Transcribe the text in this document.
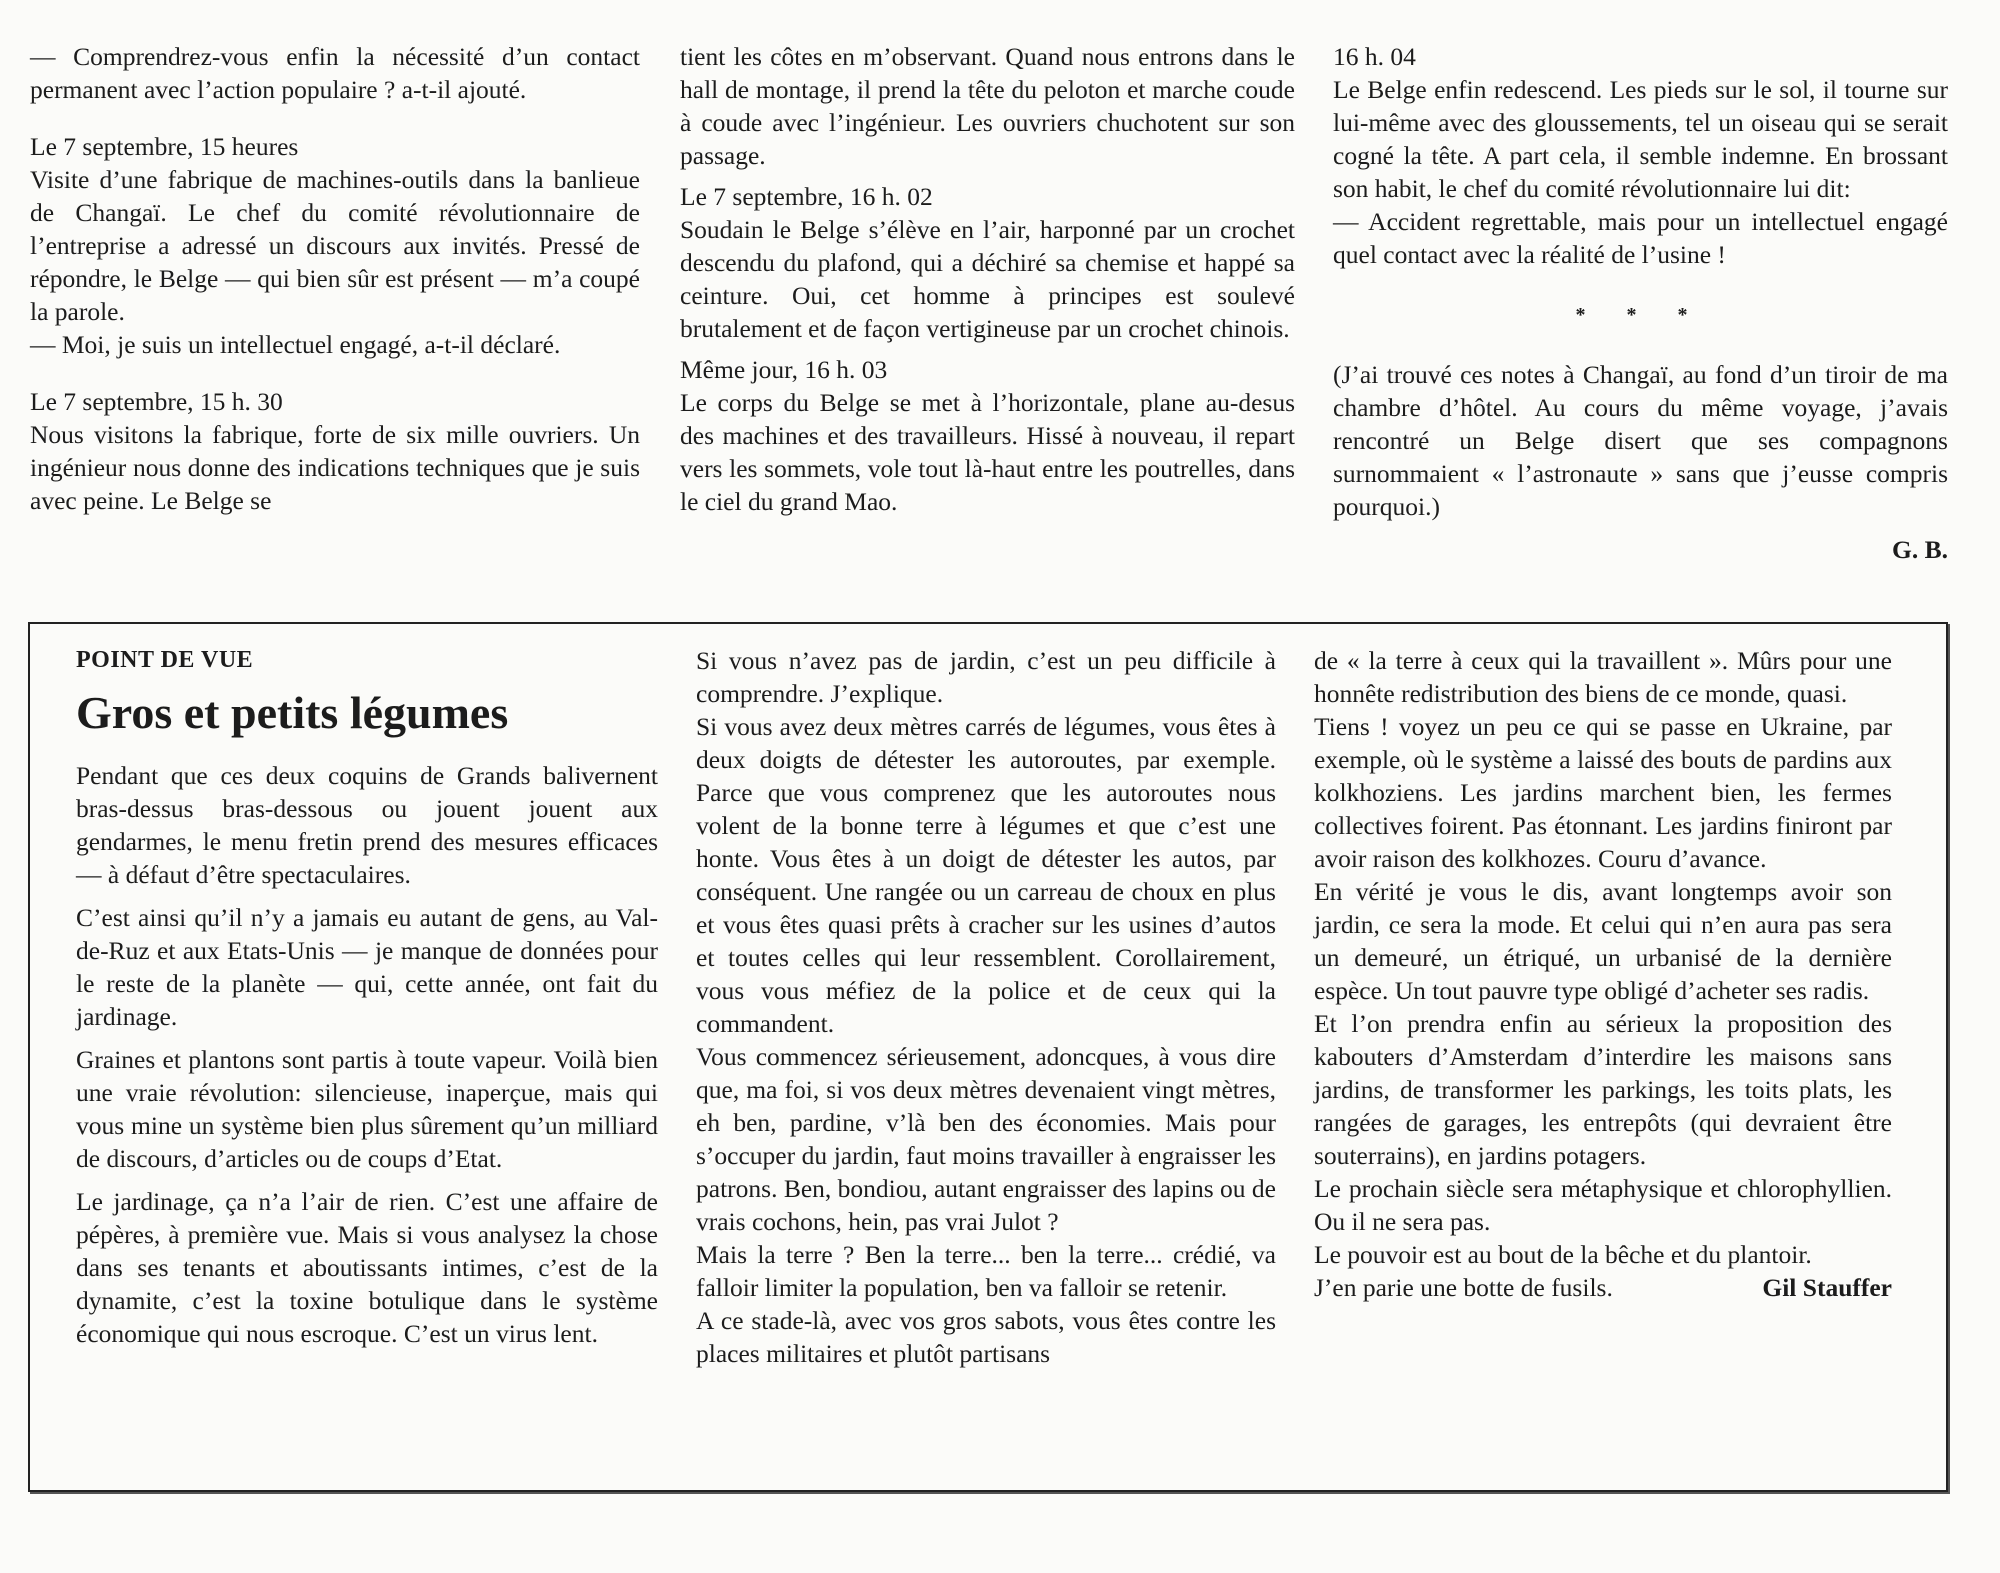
— Comprendrez-vous enfin la nécessité d’un contact permanent avec l’action populaire ? a-t-il ajouté.

Le 7 septembre, 15 heures

Visite d’une fabrique de machines-outils dans la banlieue de Changaï. Le chef du comité révolutionnaire de l’entreprise a adressé un discours aux invités. Pressé de répondre, le Belge — qui bien sûr est présent — m’a coupé la parole.

— Moi, je suis un intellectuel engagé, a-t-il déclaré.

Le 7 septembre, 15 h. 30

Nous visitons la fabrique, forte de six mille ouvriers. Un ingénieur nous donne des indications techniques que je suis avec peine. Le Belge se

tient les côtes en m’observant. Quand nous entrons dans le hall de montage, il prend la tête du peloton et marche coude à coude avec l’ingénieur. Les ouvriers chuchotent sur son passage.

Le 7 septembre, 16 h. 02

Soudain le Belge s’élève en l’air, harponné par un crochet descendu du plafond, qui a déchiré sa chemise et happé sa ceinture. Oui, cet homme à principes est soulevé brutalement et de façon vertigineuse par un crochet chinois.

Même jour, 16 h. 03

Le corps du Belge se met à l’horizontale, plane au-desus des machines et des travailleurs. Hissé à nouveau, il repart vers les sommets, vole tout là-haut entre les poutrelles, dans le ciel du grand Mao.

16 h. 04

Le Belge enfin redescend. Les pieds sur le sol, il tourne sur lui-même avec des gloussements, tel un oiseau qui se serait cogné la tête. A part cela, il semble indemne. En brossant son habit, le chef du comité révolutionnaire lui dit:

— Accident regrettable, mais pour un intellectuel engagé quel contact avec la réalité de l’usine !

* * *

(J’ai trouvé ces notes à Changaï, au fond d’un tiroir de ma chambre d’hôtel. Au cours du même voyage, j’avais rencontré un Belge disert que ses compagnons surnommaient « l’astronaute » sans que j’eusse compris pourquoi.)

G. B.

POINT DE VUE

Gros et petits légumes

Pendant que ces deux coquins de Grands balivernent bras-dessus bras-dessous ou jouent jouent aux gendarmes, le menu fretin prend des mesures efficaces — à défaut d’être spectaculaires.

C’est ainsi qu’il n’y a jamais eu autant de gens, au Val-de-Ruz et aux Etats-Unis — je manque de données pour le reste de la planète — qui, cette année, ont fait du jardinage.

Graines et plantons sont partis à toute vapeur. Voilà bien une vraie révolution: silencieuse, inaperçue, mais qui vous mine un système bien plus sûrement qu’un milliard de discours, d’articles ou de coups d’Etat.

Le jardinage, ça n’a l’air de rien. C’est une affaire de pépères, à première vue. Mais si vous analysez la chose dans ses tenants et aboutissants intimes, c’est de la dynamite, c’est la toxine botulique dans le système économique qui nous escroque. C’est un virus lent.

Si vous n’avez pas de jardin, c’est un peu difficile à comprendre. J’explique.

Si vous avez deux mètres carrés de légumes, vous êtes à deux doigts de détester les autoroutes, par exemple. Parce que vous comprenez que les autoroutes nous volent de la bonne terre à légumes et que c’est une honte. Vous êtes à un doigt de détester les autos, par conséquent. Une rangée ou un carreau de choux en plus et vous êtes quasi prêts à cracher sur les usines d’autos et toutes celles qui leur ressemblent. Corollairement, vous vous méfiez de la police et de ceux qui la commandent.

Vous commencez sérieusement, adoncques, à vous dire que, ma foi, si vos deux mètres devenaient vingt mètres, eh ben, pardine, v’là ben des économies. Mais pour s’occuper du jardin, faut moins travailler à engraisser les patrons. Ben, bondiou, autant engraisser des lapins ou de vrais cochons, hein, pas vrai Julot ?

Mais la terre ? Ben la terre... ben la terre... crédié, va falloir limiter la population, ben va falloir se retenir.

A ce stade-là, avec vos gros sabots, vous êtes contre les places militaires et plutôt partisans

de « la terre à ceux qui la travaillent ». Mûrs pour une honnête redistribution des biens de ce monde, quasi.

Tiens ! voyez un peu ce qui se passe en Ukraine, par exemple, où le système a laissé des bouts de pardins aux kolkhoziens. Les jardins marchent bien, les fermes collectives foirent. Pas étonnant. Les jardins finiront par avoir raison des kolkhozes. Couru d’avance.

En vérité je vous le dis, avant longtemps avoir son jardin, ce sera la mode. Et celui qui n’en aura pas sera un demeuré, un étriqué, un urbanisé de la dernière espèce. Un tout pauvre type obligé d’acheter ses radis.

Et l’on prendra enfin au sérieux la proposition des kabouters d’Amsterdam d’interdire les maisons sans jardins, de transformer les parkings, les toits plats, les rangées de garages, les entrepôts (qui devraient être souterrains), en jardins potagers.

Le prochain siècle sera métaphysique et chlorophyllien. Ou il ne sera pas.

Le pouvoir est au bout de la bêche et du plantoir.

J’en parie une botte de fusils.	Gil Stauffer
